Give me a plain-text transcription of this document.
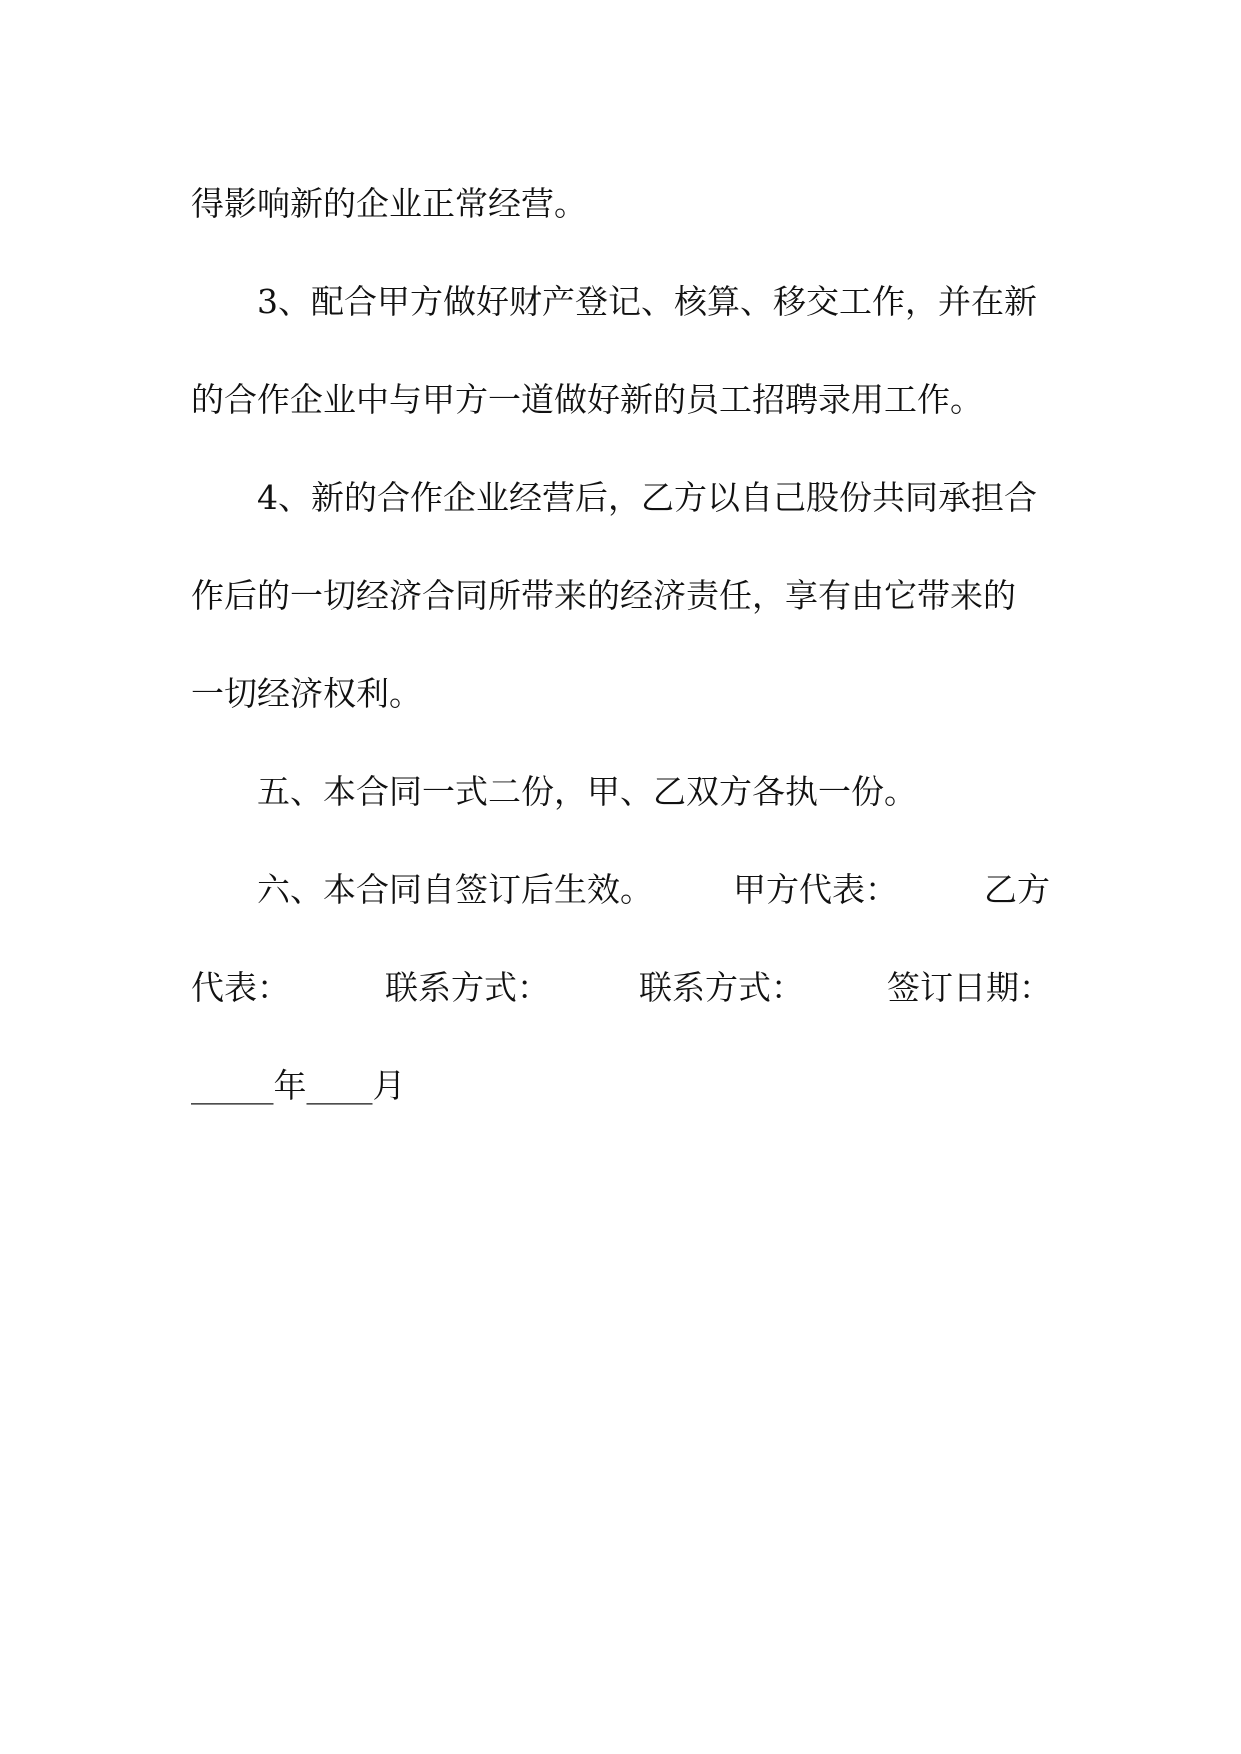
得影响新的企业正常经营。
3、配合甲方做好财产登记、核算、移交工作，并在新
的合作企业中与甲方一道做好新的员工招聘录用工作。
4、新的合作企业经营后，乙方以自己股份共同承担合
作后的一切经济合同所带来的经济责任，享有由它带来的
一切经济权利。
五、本合同一式二份，甲、乙双方各执一份。
六、本合同自签订后生效。 甲方代表：	乙方
代表：	联系方式：	联系方式：	签订日期：
_____年____月
